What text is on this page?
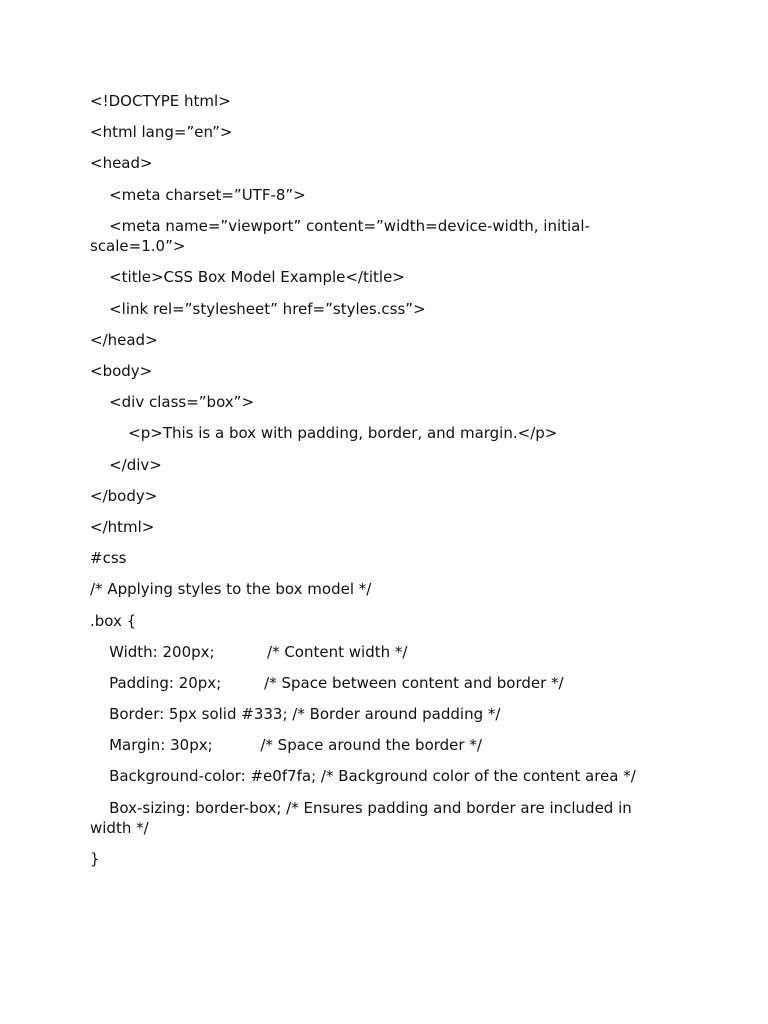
<!DOCTYPE html>
<html lang=”en”>
<head>
<meta charset=”UTF-8”>
<meta name=”viewport” content=”width=device-width, initial-scale=1.0”>
<title>CSS Box Model Example</title>
<link rel=”stylesheet” href=”styles.css”>
</head>
<body>
<div class=”box”>
<p>This is a box with padding, border, and margin.</p>
</div>
</body>
</html>
#css
/* Applying styles to the box model */
.box {
Width: 200px;           /* Content width */
Padding: 20px;         /* Space between content and border */
Border: 5px solid #333; /* Border around padding */
Margin: 30px;          /* Space around the border */
Background-color: #e0f7fa; /* Background color of the content area */
Box-sizing: border-box; /* Ensures padding and border are included in width */
}
